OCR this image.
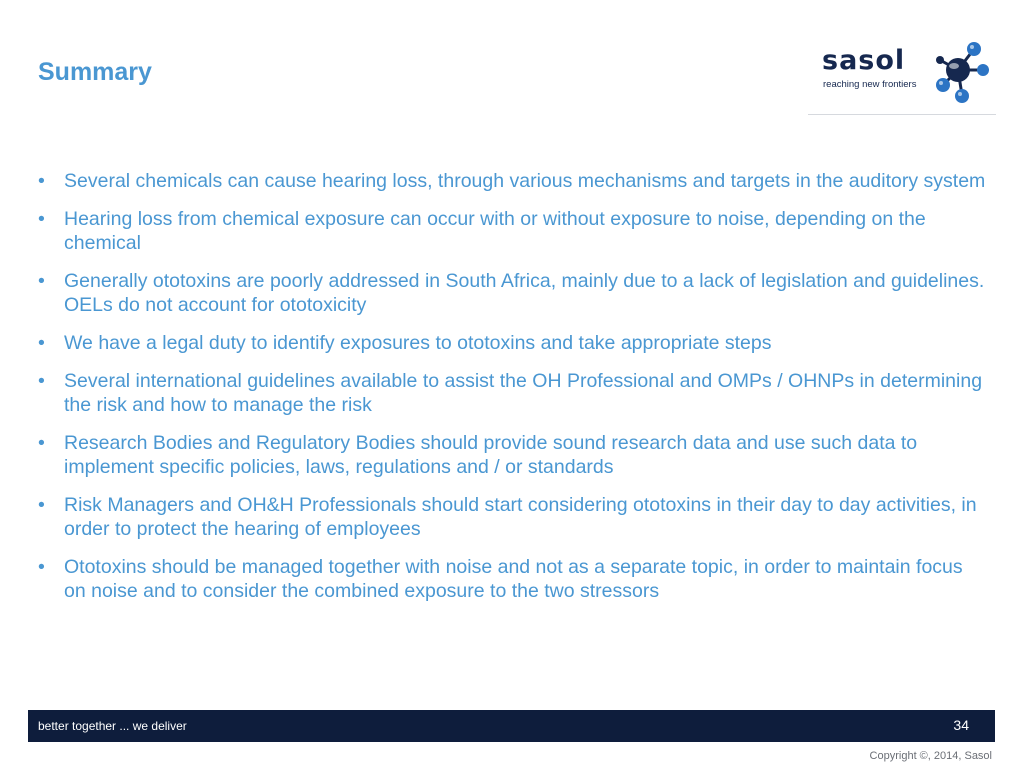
Summary	sasol
reaching new frontiers
• Several chemicals can cause hearing loss, through various mechanisms and targets in the auditory system
• Hearing loss from chemical exposure can occur with or without exposure to noise, depending on the chemical
• Generally ototoxins are poorly addressed in South Africa, mainly due to a lack of legislation and guidelines. OELs do not account for ototoxicity
• We have a legal duty to identify exposures to ototoxins and take appropriate steps
• Several international guidelines available to assist the OH Professional and OMPs / OHNPs in determining the risk and how to manage the risk
• Research Bodies and Regulatory Bodies should provide sound research data and use such data to implement specific policies, laws, regulations and / or standards
• Risk Managers and OH&H Professionals should start considering ototoxins in their day to day activities, in order to protect the hearing of employees
• Ototoxins should be managed together with noise and not as a separate topic, in order to maintain focus on noise and to consider the combined exposure to the two stressors
better together ... we deliver	34
Copyright ©, 2014, Sasol
